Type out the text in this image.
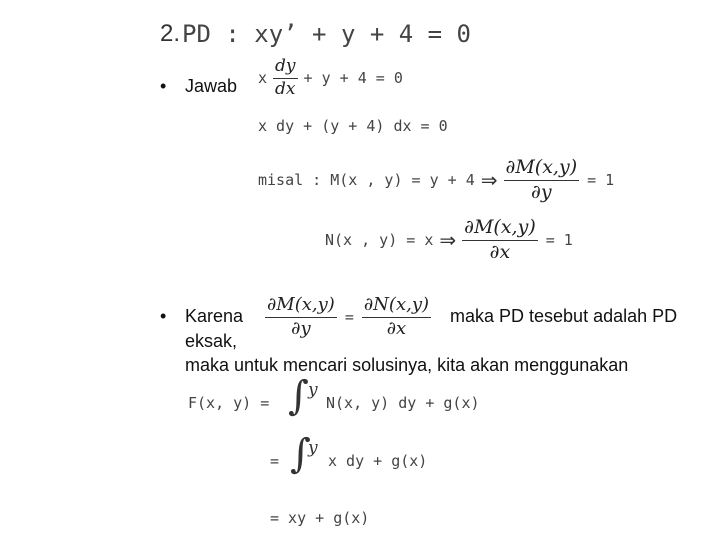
2. PD : xy’ + y + 4 = 0
• Jawab x $\frac{dy}{dx} + y + 4 = 0$
x dy + (y + 4) dx = 0
misal : M(x , y) = y + 4 ⇒ $\frac{\partial M(x,y)}{\partial y} = 1$
N(x , y) = x ⇒ $\frac{\partial M(x,y)}{\partial x} = 1$
• Karena $\frac{\partial M(x,y)}{\partial y} = \frac{\partial N(x,y)}{\partial x}$ maka PD tesebut adalah PD
eksak,
maka untuk mencari solusinya, kita akan menggunakan
F(x, y) = ∫ y
N(x, y) dy + g(x)
= ∫
y
x dy + g(x)
= xy + g(x)
